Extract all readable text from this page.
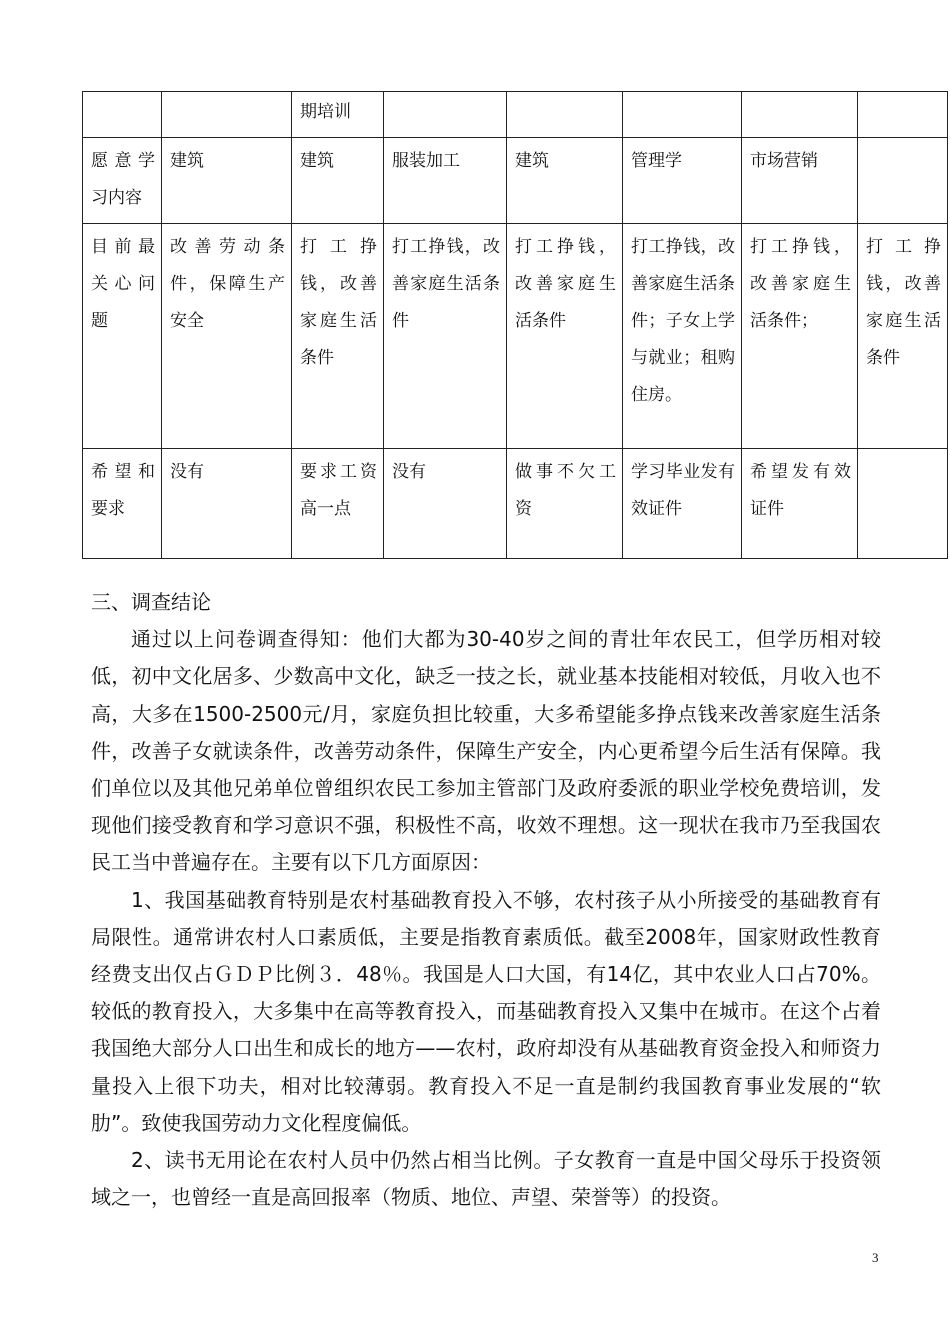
		期培训					
愿意学习内容	建筑	建筑	服装加工	建筑	管理学	市场营销	
目前最关心问题	改善劳动条件，保障生产安全	打工挣钱，改善家庭生活条件	打工挣钱，改善家庭生活条件	打工挣钱，改善家庭生活条件	打工挣钱，改善家庭生活条件；子女上学与就业；租购住房。	打工挣钱，改善家庭生活条件；	打工挣钱，改善家庭生活条件
希望和要求	没有	要求工资高一点	没有	做事不欠工资	学习毕业发有效证件	希望发有效证件	

三、调查结论

通过以上问卷调查得知：他们大都为30-40岁之间的青壮年农民工，但学历相对较低，初中文化居多、少数高中文化，缺乏一技之长，就业基本技能相对较低，月收入也不高，大多在1500-2500元/月，家庭负担比较重，大多希望能多挣点钱来改善家庭生活条件，改善子女就读条件，改善劳动条件，保障生产安全，内心更希望今后生活有保障。我们单位以及其他兄弟单位曾组织农民工参加主管部门及政府委派的职业学校免费培训，发现他们接受教育和学习意识不强，积极性不高，收效不理想。这一现状在我市乃至我国农民工当中普遍存在。主要有以下几方面原因：

1、我国基础教育特别是农村基础教育投入不够，农村孩子从小所接受的基础教育有局限性。通常讲农村人口素质低，主要是指教育素质低。截至2008年，国家财政性教育经费支出仅占ＧＤＰ比例３．48％。我国是人口大国，有14亿，其中农业人口占70%。较低的教育投入，大多集中在高等教育投入，而基础教育投入又集中在城市。在这个占着我国绝大部分人口出生和成长的地方——农村，政府却没有从基础教育资金投入和师资力量投入上很下功夫，相对比较薄弱。教育投入不足一直是制约我国教育事业发展的“软肋”。致使我国劳动力文化程度偏低。

2、读书无用论在农村人员中仍然占相当比例。子女教育一直是中国父母乐于投资领域之一，也曾经一直是高回报率（物质、地位、声望、荣誉等）的投资。

3
